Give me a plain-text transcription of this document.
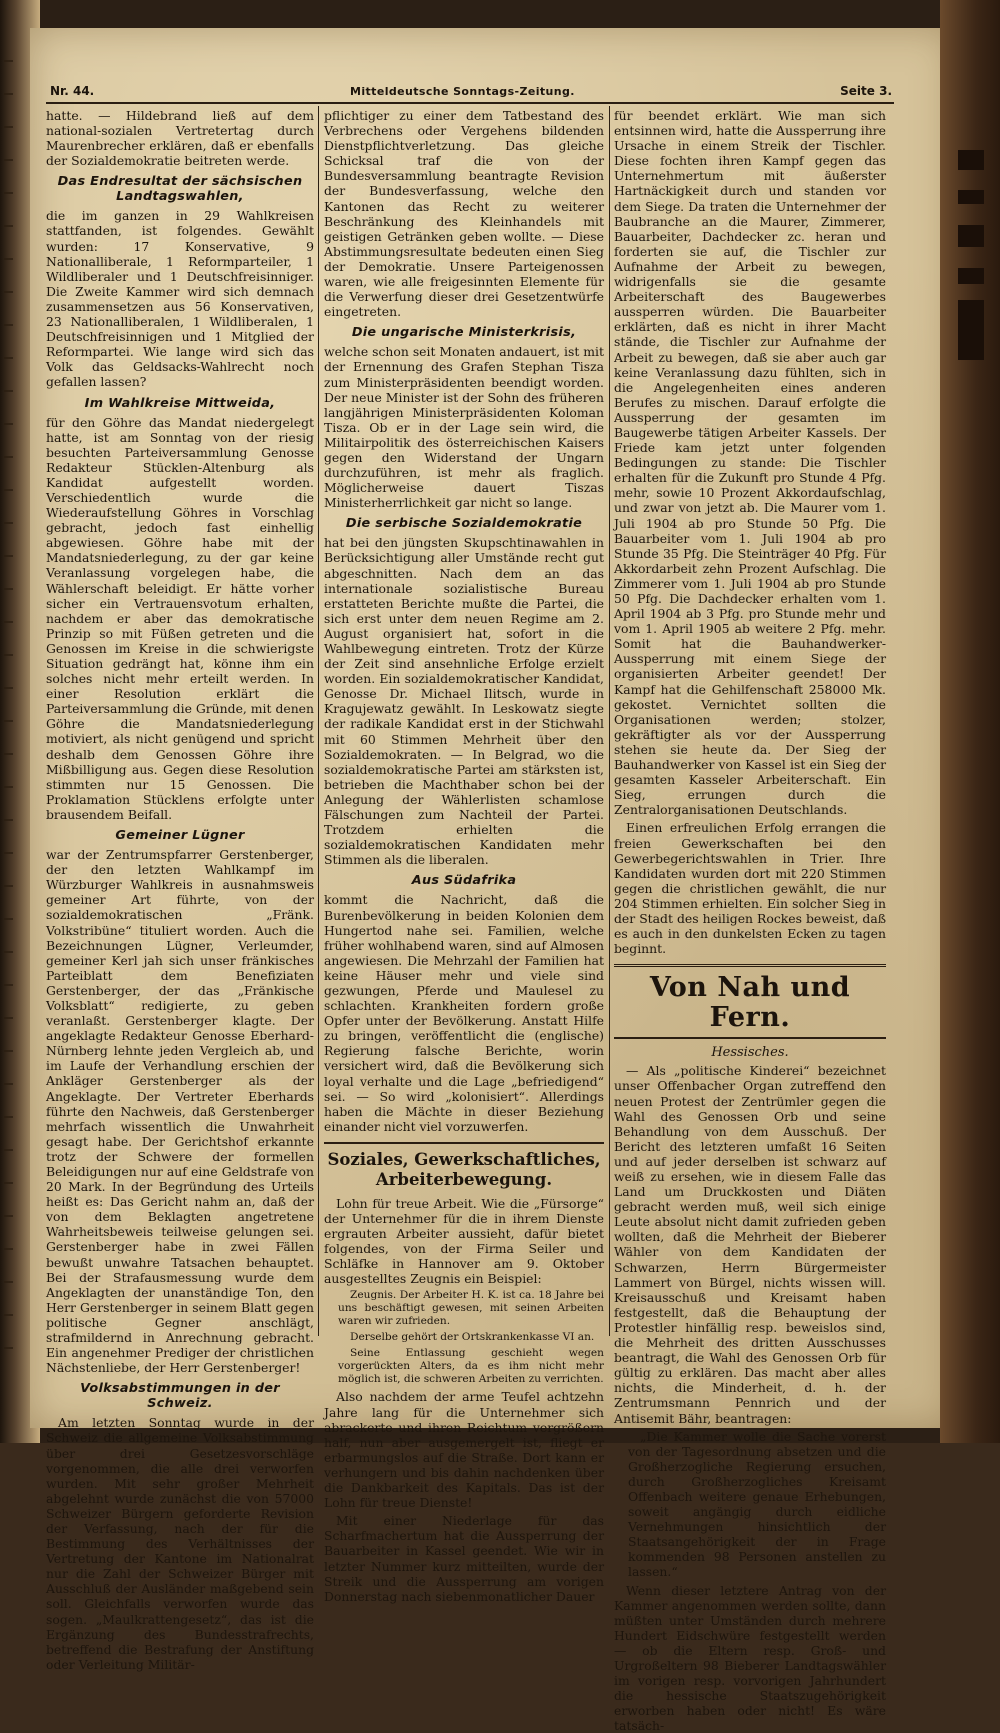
Nr. 44.	Mitteldeutsche Sonntags-Zeitung.	Seite 3.

hatte. — Hildebrand ließ auf dem national-sozialen Vertretertag durch Maurenbrecher erklären, daß er ebenfalls der Sozialdemokratie beitreten werde.

Das Endresultat der sächsischen Landtagswahlen,

die im ganzen in 29 Wahlkreisen stattfanden, ist folgendes. Gewählt wurden: 17 Konservative, 9 Nationalliberale, 1 Reformparteiler, 1 Wildliberaler und 1 Deutschfreisinniger. Die Zweite Kammer wird sich demnach zusammensetzen aus 56 Konservativen, 23 Nationalliberalen, 1 Wildliberalen, 1 Deutschfreisinnigen und 1 Mitglied der Reformpartei. Wie lange wird sich das Volk das Geldsacks-Wahlrecht noch gefallen lassen?

Im Wahlkreise Mittweida,

für den Göhre das Mandat niedergelegt hatte, ist am Sonntag von der riesig besuchten Parteiversammlung Genosse Redakteur Stücklen-Altenburg als Kandidat aufgestellt worden. Verschiedentlich wurde die Wiederaufstellung Göhres in Vorschlag gebracht, jedoch fast einhellig abgewiesen. Göhre habe mit der Mandatsniederlegung, zu der gar keine Veranlassung vorgelegen habe, die Wählerschaft beleidigt. Er hätte vorher sicher ein Vertrauensvotum erhalten, nachdem er aber das demokratische Prinzip so mit Füßen getreten und die Genossen im Kreise in die schwierigste Situation gedrängt hat, könne ihm ein solches nicht mehr erteilt werden. In einer Resolution erklärt die Parteiversammlung die Gründe, mit denen Göhre die Mandatsniederlegung motiviert, als nicht genügend und spricht deshalb dem Genossen Göhre ihre Mißbilligung aus. Gegen diese Resolution stimmten nur 15 Genossen. Die Proklamation Stücklens erfolgte unter brausendem Beifall.

Gemeiner Lügner

war der Zentrumspfarrer Gerstenberger, der den letzten Wahlkampf im Würzburger Wahlkreis in ausnahmsweis gemeiner Art führte, von der sozialdemokratischen „Fränk. Volkstribüne“ tituliert worden. Auch die Bezeichnungen Lügner, Verleumder, gemeiner Kerl jah sich unser fränkisches Parteiblatt dem Benefiziaten Gerstenberger, der das „Fränkische Volksblatt“ redigierte, zu geben veranlaßt. Gerstenberger klagte. Der angeklagte Redakteur Genosse Eberhard-Nürnberg lehnte jeden Vergleich ab, und im Laufe der Verhandlung erschien der Ankläger Gerstenberger als der Angeklagte. Der Vertreter Eberhards führte den Nachweis, daß Gerstenberger mehrfach wissentlich die Unwahrheit gesagt habe. Der Gerichtshof erkannte trotz der Schwere der formellen Beleidigungen nur auf eine Geldstrafe von 20 Mark. In der Begründung des Urteils heißt es: Das Gericht nahm an, daß der von dem Beklagten angetretene Wahrheitsbeweis teilweise gelungen sei. Gerstenberger habe in zwei Fällen bewußt unwahre Tatsachen behauptet. Bei der Strafausmessung wurde dem Angeklagten der unanständige Ton, den Herr Gerstenberger in seinem Blatt gegen politische Gegner anschlägt, strafmildernd in Anrechnung gebracht. Ein angenehmer Prediger der christlichen Nächstenliebe, der Herr Gerstenberger!

Volksabstimmungen in der Schweiz.

Am letzten Sonntag wurde in der Schweiz die allgemeine Volksabstimmung über drei Gesetzesvorschläge vorgenommen, die alle drei verworfen wurden. Mit sehr großer Mehrheit abgelehnt wurde zunächst die von 57000 Schweizer Bürgern geforderte Revision der Verfassung, nach der für die Bestimmung des Verhältnisses der Vertretung der Kantone im Nationalrat nur die Zahl der Schweizer Bürger mit Ausschluß der Ausländer maßgebend sein soll. Gleichfalls verworfen wurde das sogen. „Maulkrattengesetz“, das ist die Ergänzung des Bundesstrafrechts, betreffend die Bestrafung der Anstiftung oder Verleitung Militär-

pflichtiger zu einer dem Tatbestand des Verbrechens oder Vergehens bildenden Dienstpflichtverletzung. Das gleiche Schicksal traf die von der Bundesversammlung beantragte Revision der Bundesverfassung, welche den Kantonen das Recht zu weiterer Beschränkung des Kleinhandels mit geistigen Getränken geben wollte. — Diese Abstimmungsresultate bedeuten einen Sieg der Demokratie. Unsere Parteigenossen waren, wie alle freigesinnten Elemente für die Verwerfung dieser drei Gesetzentwürfe eingetreten.

Die ungarische Ministerkrisis,

welche schon seit Monaten andauert, ist mit der Ernennung des Grafen Stephan Tisza zum Ministerpräsidenten beendigt worden. Der neue Minister ist der Sohn des früheren langjährigen Ministerpräsidenten Koloman Tisza. Ob er in der Lage sein wird, die Militairpolitik des österreichischen Kaisers gegen den Widerstand der Ungarn durchzuführen, ist mehr als fraglich. Möglicherweise dauert Tiszas Ministerherrlichkeit gar nicht so lange.

Die serbische Sozialdemokratie

hat bei den jüngsten Skupschtinawahlen in Berücksichtigung aller Umstände recht gut abgeschnitten. Nach dem an das internationale sozialistische Bureau erstatteten Berichte mußte die Partei, die sich erst unter dem neuen Regime am 2. August organisiert hat, sofort in die Wahlbewegung eintreten. Trotz der Kürze der Zeit sind ansehnliche Erfolge erzielt worden. Ein sozialdemokratischer Kandidat, Genosse Dr. Michael Ilitsch, wurde in Kragujewatz gewählt. In Leskowatz siegte der radikale Kandidat erst in der Stichwahl mit 60 Stimmen Mehrheit über den Sozialdemokraten. — In Belgrad, wo die sozialdemokratische Partei am stärksten ist, betrieben die Machthaber schon bei der Anlegung der Wählerlisten schamlose Fälschungen zum Nachteil der Partei. Trotzdem erhielten die sozialdemokratischen Kandidaten mehr Stimmen als die liberalen.

Aus Südafrika

kommt die Nachricht, daß die Burenbevölkerung in beiden Kolonien dem Hungertod nahe sei. Familien, welche früher wohlhabend waren, sind auf Almosen angewiesen. Die Mehrzahl der Familien hat keine Häuser mehr und viele sind gezwungen, Pferde und Maulesel zu schlachten. Krankheiten fordern große Opfer unter der Bevölkerung. Anstatt Hilfe zu bringen, veröffentlicht die (englische) Regierung falsche Berichte, worin versichert wird, daß die Bevölkerung sich loyal verhalte und die Lage „befriedigend“ sei. — So wird „kolonisiert“. Allerdings haben die Mächte in dieser Beziehung einander nicht viel vorzuwerfen.

Soziales, Gewerkschaftliches, Arbeiterbewegung.

Lohn für treue Arbeit. Wie die „Fürsorge“ der Unternehmer für die in ihrem Dienste ergrauten Arbeiter aussieht, dafür bietet folgendes, von der Firma Seiler und Schläfke in Hannover am 9. Oktober ausgestelltes Zeugnis ein Beispiel:

Zeugnis. Der Arbeiter H. K. ist ca. 18 Jahre bei uns beschäftigt gewesen, mit seinen Arbeiten waren wir zufrieden.

Derselbe gehört der Ortskrankenkasse VI an.

Seine Entlassung geschieht wegen vorgerückten Alters, da es ihm nicht mehr möglich ist, die schweren Arbeiten zu verrichten.

Also nachdem der arme Teufel achtzehn Jahre lang für die Unternehmer sich abrackerte und ihren Reichtum vergrößern half, nun aber ausgemergelt ist, fliegt er erbarmungslos auf die Straße. Dort kann er verhungern und bis dahin nachdenken über die Dankbarkeit des Kapitals. Das ist der Lohn für treue Dienste!

Mit einer Niederlage für das Scharfmachertum hat die Aussperrung der Bauarbeiter in Kassel geendet. Wie wir in letzter Nummer kurz mitteilten, wurde der Streik und die Aussperrung am vorigen Donnerstag nach siebenmonatlicher Dauer

für beendet erklärt. Wie man sich entsinnen wird, hatte die Aussperrung ihre Ursache in einem Streik der Tischler. Diese fochten ihren Kampf gegen das Unternehmertum mit äußerster Hartnäckigkeit durch und standen vor dem Siege. Da traten die Unternehmer der Baubranche an die Maurer, Zimmerer, Bauarbeiter, Dachdecker zc. heran und forderten sie auf, die Tischler zur Aufnahme der Arbeit zu bewegen, widrigenfalls sie die gesamte Arbeiterschaft des Baugewerbes aussperren würden. Die Bauarbeiter erklärten, daß es nicht in ihrer Macht stände, die Tischler zur Aufnahme der Arbeit zu bewegen, daß sie aber auch gar keine Veranlassung dazu fühlten, sich in die Angelegenheiten eines anderen Berufes zu mischen. Darauf erfolgte die Aussperrung der gesamten im Baugewerbe tätigen Arbeiter Kassels. Der Friede kam jetzt unter folgenden Bedingungen zu stande: Die Tischler erhalten für die Zukunft pro Stunde 4 Pfg. mehr, sowie 10 Prozent Akkordaufschlag, und zwar von jetzt ab. Die Maurer vom 1. Juli 1904 ab pro Stunde 50 Pfg. Die Bauarbeiter vom 1. Juli 1904 ab pro Stunde 35 Pfg. Die Steinträger 40 Pfg. Für Akkordarbeit zehn Prozent Aufschlag. Die Zimmerer vom 1. Juli 1904 ab pro Stunde 50 Pfg. Die Dachdecker erhalten vom 1. April 1904 ab 3 Pfg. pro Stunde mehr und vom 1. April 1905 ab weitere 2 Pfg. mehr. Somit hat die Bauhandwerker-Aussperrung mit einem Siege der organisierten Arbeiter geendet! Der Kampf hat die Gehilfenschaft 258000 Mk. gekostet. Vernichtet sollten die Organisationen werden; stolzer, gekräftigter als vor der Aussperrung stehen sie heute da. Der Sieg der Bauhandwerker von Kassel ist ein Sieg der gesamten Kasseler Arbeiterschaft. Ein Sieg, errungen durch die Zentralorganisationen Deutschlands.

Einen erfreulichen Erfolg errangen die freien Gewerkschaften bei den Gewerbegerichtswahlen in Trier. Ihre Kandidaten wurden dort mit 220 Stimmen gegen die christlichen gewählt, die nur 204 Stimmen erhielten. Ein solcher Sieg in der Stadt des heiligen Rockes beweist, daß es auch in den dunkelsten Ecken zu tagen beginnt.

Von Nah und Fern.
Hessisches.

— Als „politische Kinderei“ bezeichnet unser Offenbacher Organ zutreffend den neuen Protest der Zentrümler gegen die Wahl des Genossen Orb und seine Behandlung von dem Ausschuß. Der Bericht des letzteren umfaßt 16 Seiten und auf jeder derselben ist schwarz auf weiß zu ersehen, wie in diesem Falle das Land um Druckkosten und Diäten gebracht werden muß, weil sich einige Leute absolut nicht damit zufrieden geben wollten, daß die Mehrheit der Bieberer Wähler von dem Kandidaten der Schwarzen, Herrn Bürgermeister Lammert von Bürgel, nichts wissen will. Kreisausschuß und Kreisamt haben festgestellt, daß die Behauptung der Protestler hinfällig resp. beweislos sind, die Mehrheit des dritten Ausschusses beantragt, die Wahl des Genossen Orb für gültig zu erklären. Das macht aber alles nichts, die Minderheit, d. h. der Zentrumsmann Pennrich und der Antisemit Bähr, beantragen:

„Die Kammer wolle die Sache vorerst von der Tagesordnung absetzen und die Großherzogliche Regierung ersuchen, durch Großherzogliches Kreisamt Offenbach weitere genaue Erhebungen, soweit angängig durch eidliche Vernehmungen hinsichtlich der Staatsangehörigkeit der in Frage kommenden 98 Personen anstellen zu lassen.“

Wenn dieser letztere Antrag von der Kammer angenommen werden sollte, dann müßten unter Umständen durch mehrere Hundert Eidschwüre festgestellt werden — ob die Eltern resp. Groß- und Urgroßeltern 98 Bieberer Landtagswähler im vorigen resp. vorvorigen Jahrhundert die hessische Staatszugehörigkeit erworben haben oder nicht! Es wäre tatsäch-
